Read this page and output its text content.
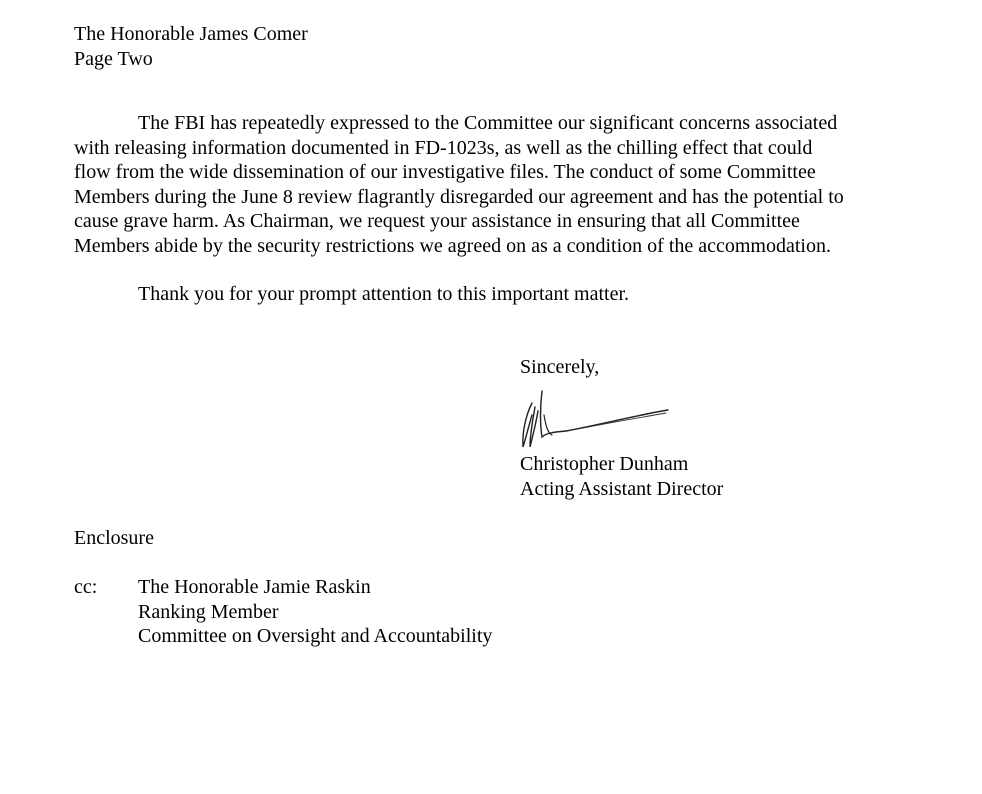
The Honorable James Comer
Page Two
The FBI has repeatedly expressed to the Committee our significant concerns associated
with releasing information documented in FD-1023s, as well as the chilling effect that could
flow from the wide dissemination of our investigative files. The conduct of some Committee
Members during the June 8 review flagrantly disregarded our agreement and has the potential to
cause grave harm. As Chairman, we request your assistance in ensuring that all Committee
Members abide by the security restrictions we agreed on as a condition of the accommodation.
Thank you for your prompt attention to this important matter.
Sincerely,
Christopher Dunham
Acting Assistant Director
Enclosure
cc: The Honorable Jamie Raskin
Ranking Member
Committee on Oversight and Accountability
